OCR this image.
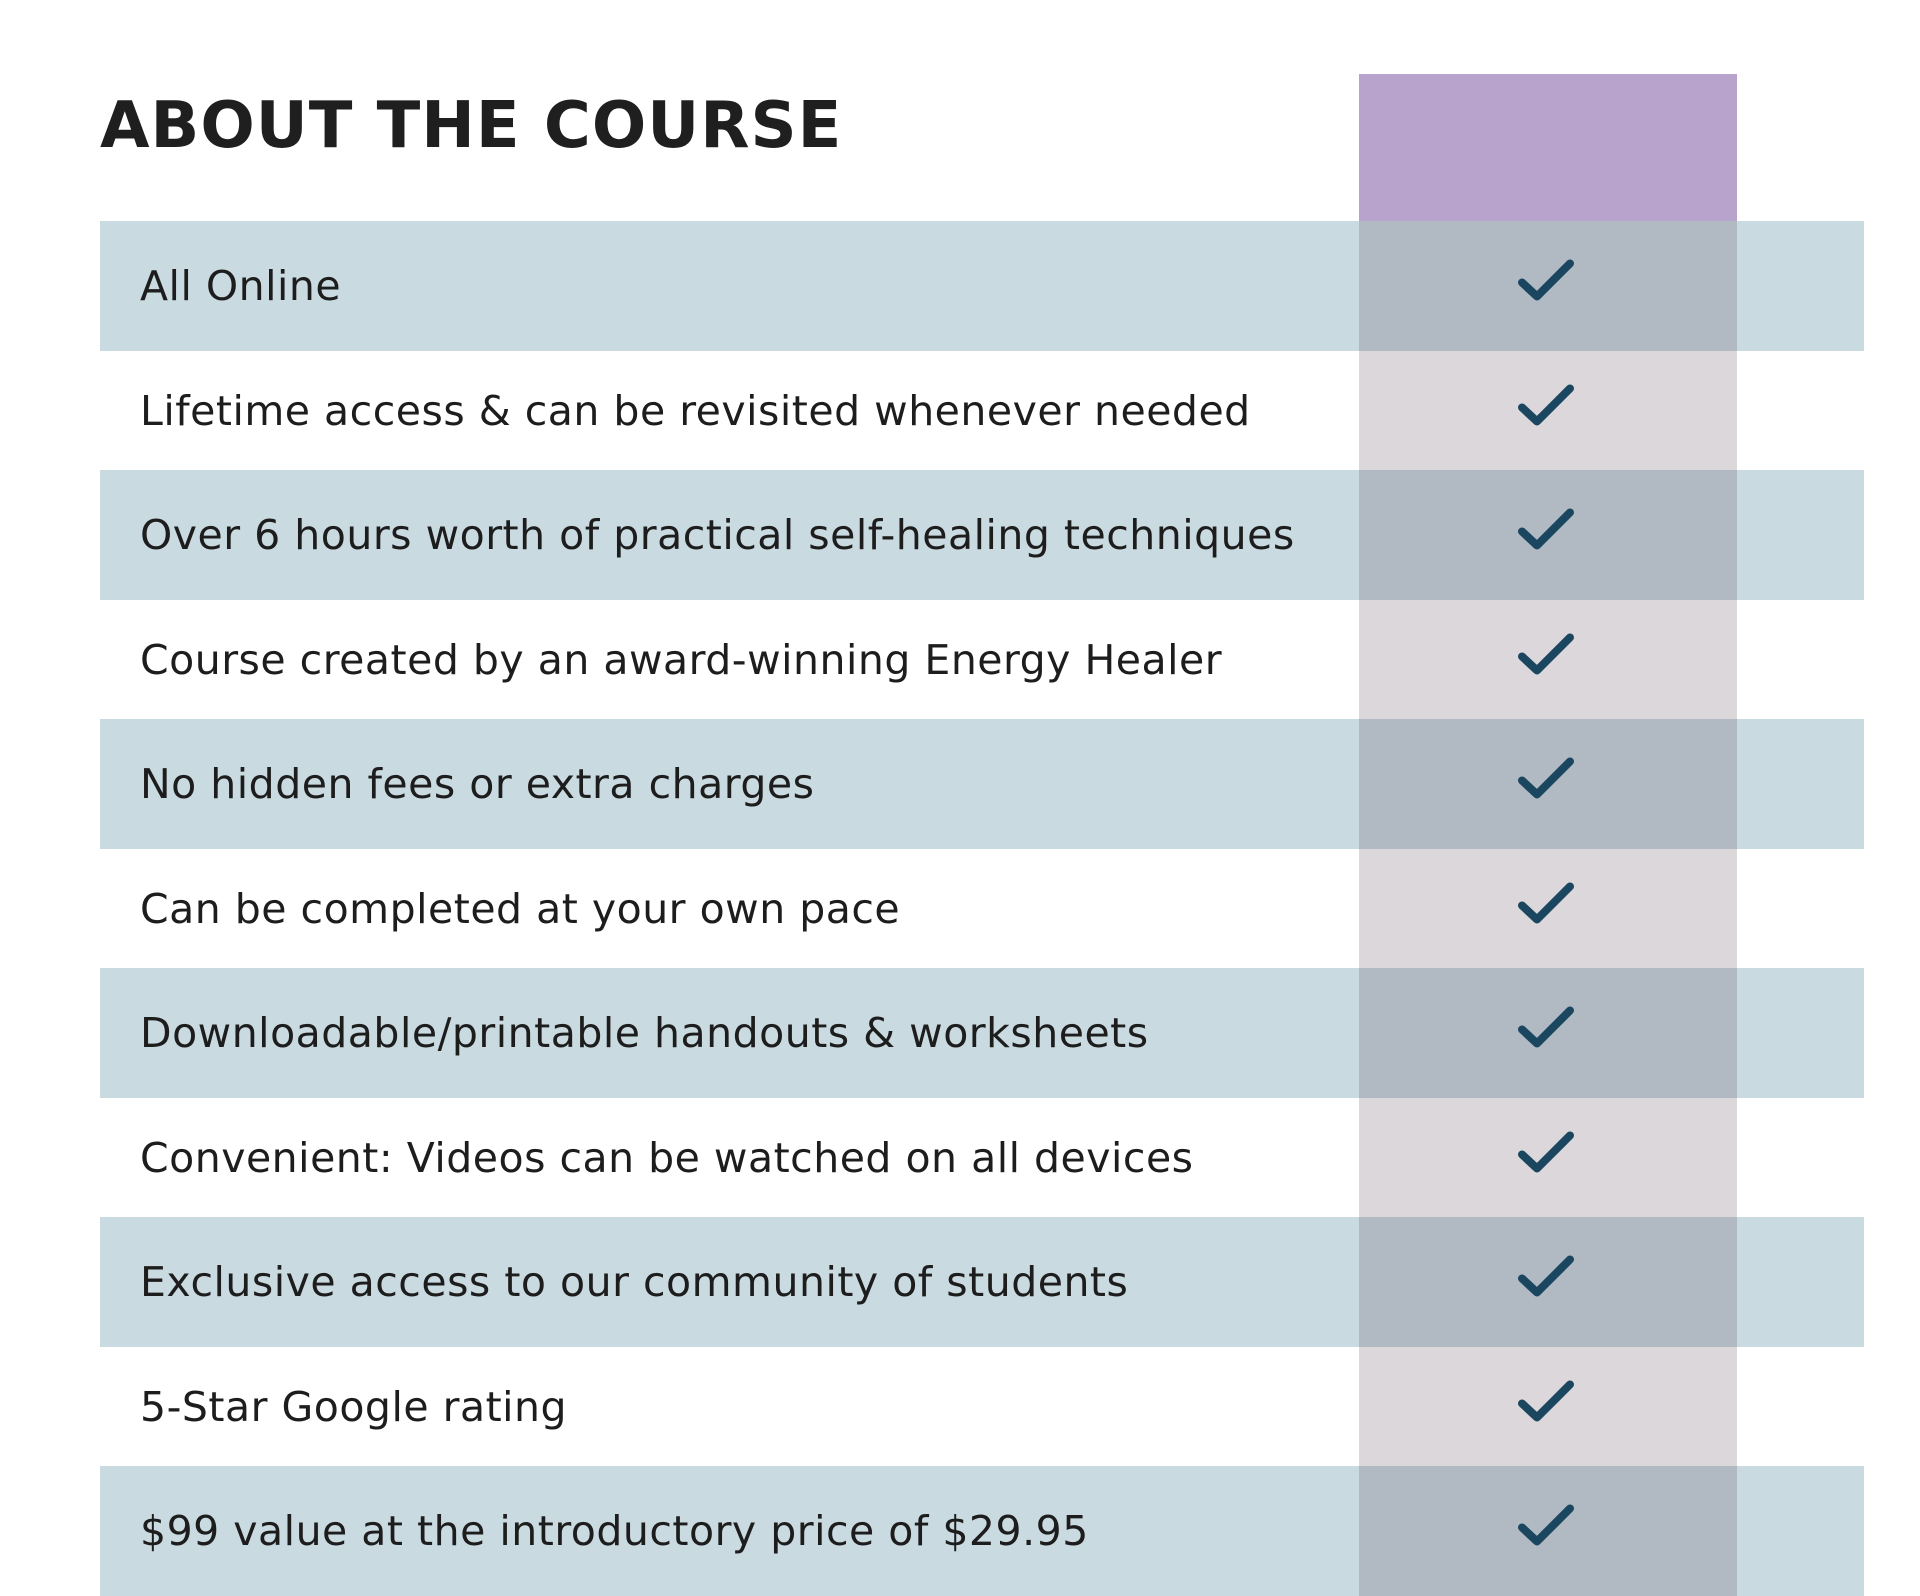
ABOUT THE COURSE
All Online
Lifetime access & can be revisited whenever needed
Over 6 hours worth of practical self-healing techniques
Course created by an award-winning Energy Healer
No hidden fees or extra charges
Can be completed at your own pace
Downloadable/printable handouts & worksheets
Convenient: Videos can be watched on all devices
Exclusive access to our community of students
5-Star Google rating
$99 value at the introductory price of $29.95
